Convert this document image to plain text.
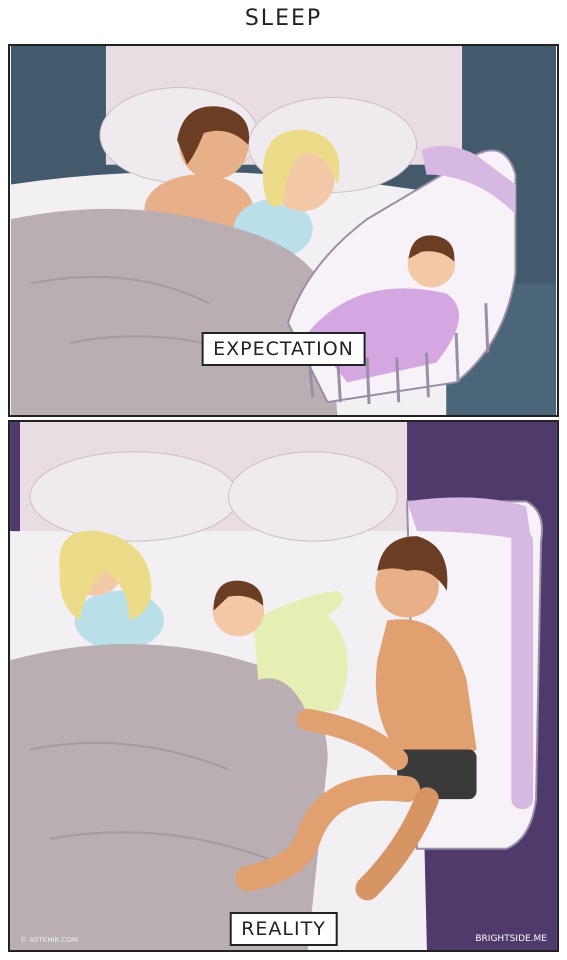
SLEEP
EXPECTATION
© ASTKHIK.COM	BRIGHTSIDE.ME
REALITY
